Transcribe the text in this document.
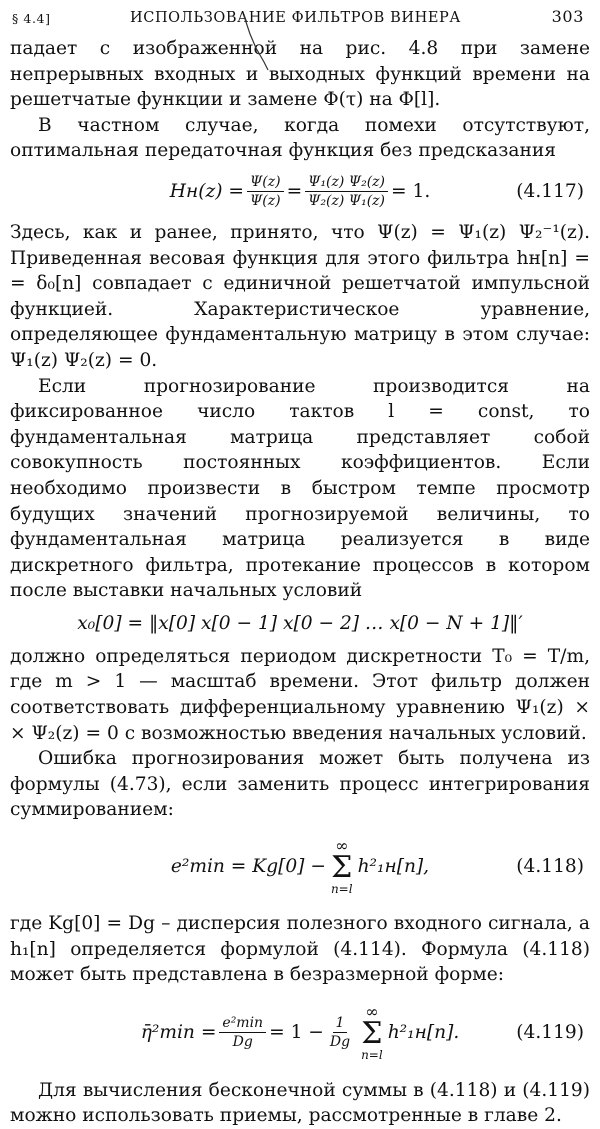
§ 4.4]	ИСПОЛЬЗОВАНИЕ ФИЛЬТРОВ ВИНЕРА	303

падает с изображенной на рис. 4.8 при замене непрерывных входных и выходных функций времени на решетчатые функции и замене Φ(τ) на Φ[l].

В частном случае, когда помехи отсутствуют, оптимальная передаточная функция без предсказания

$Hн(z) = \frac{\Psi(z)}{\Psi(z)} = \frac{\text{Ψ₁(z) Ψ₂(z)}}{\text{Ψ₂(z) Ψ₁(z)}} = 1$.	(4.117)

Здесь, как и ранее, принято, что Ψ(z) = Ψ₁(z) Ψ₂⁻¹(z). Приведенная весовая функция для этого фильтра hн[n] = = δ₀[n] совпадает с единичной решетчатой импульсной функцией. Характеристическое уравнение, определяющее фундаментальную матрицу в этом случае: Ψ₁(z) Ψ₂(z) = 0.

Если прогнозирование производится на фиксированное число тактов l = const, то фундаментальная матрица представляет собой совокупность постоянных коэффициентов. Если необходимо произвести в быстром темпе просмотр будущих значений прогнозируемой величины, то фундаментальная матрица реализуется в виде дискретного фильтра, протекание процессов в котором после выставки начальных условий

x₀[0] = ‖x[0] x[0 − 1] x[0 − 2] … x[0 − N + 1]‖′

должно определяться периодом дискретности T₀ = T/m, где m > 1 — масштаб времени. Этот фильтр должен соответствовать дифференциальному уравнению Ψ₁(z) × × Ψ₂(z) = 0 с возможностью введения начальных условий.

Ошибка прогнозирования может быть получена из формулы (4.73), если заменить процесс интегрирования суммированием:

e²min = Kg[0] −
∞
Σ
n=l
h²₁н[n],	(4.118)

где Kg[0] = Dg – дисперсия полезного входного сигнала, а h₁[n] определяется формулой (4.114). Формула (4.118) может быть представлена в безразмерной форме:

η̄²min = $\frac{\text{e²min}}{Dg} = 1 - \frac{1}{Dg}$
∞
Σ
n=l
h²₁н[n].	(4.119)

Для вычисления бесконечной суммы в (4.118) и (4.119) можно использовать приемы, рассмотренные в главе 2.
